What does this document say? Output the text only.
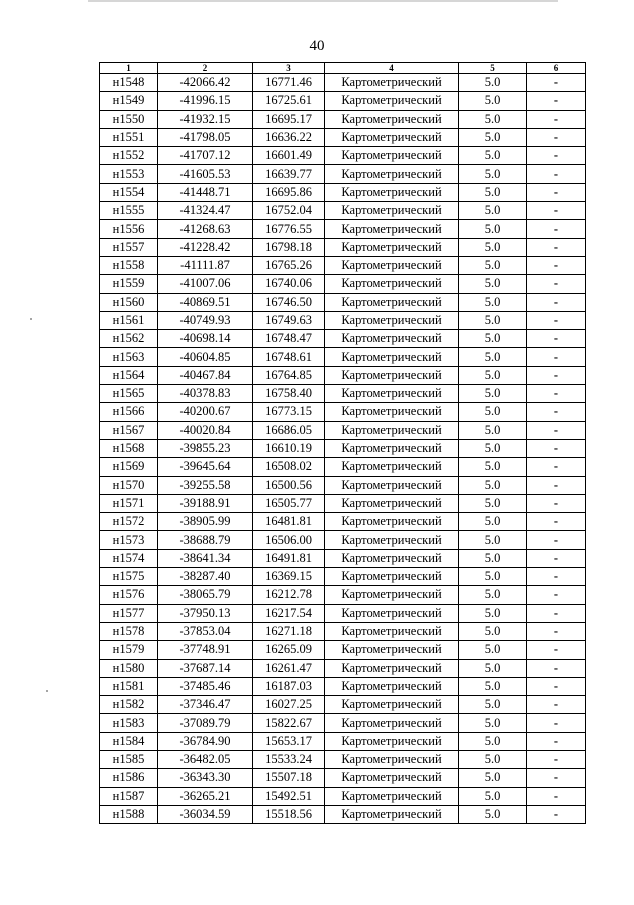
40
1	2	3	4	5	6
н1548	-42066.42	16771.46	Картометрический	5.0	-
н1549	-41996.15	16725.61	Картометрический	5.0	-
н1550	-41932.15	16695.17	Картометрический	5.0	-
н1551	-41798.05	16636.22	Картометрический	5.0	-
н1552	-41707.12	16601.49	Картометрический	5.0	-
н1553	-41605.53	16639.77	Картометрический	5.0	-
н1554	-41448.71	16695.86	Картометрический	5.0	-
н1555	-41324.47	16752.04	Картометрический	5.0	-
н1556	-41268.63	16776.55	Картометрический	5.0	-
н1557	-41228.42	16798.18	Картометрический	5.0	-
н1558	-41111.87	16765.26	Картометрический	5.0	-
н1559	-41007.06	16740.06	Картометрический	5.0	-
н1560	-40869.51	16746.50	Картометрический	5.0	-
н1561	-40749.93	16749.63	Картометрический	5.0	-
н1562	-40698.14	16748.47	Картометрический	5.0	-
н1563	-40604.85	16748.61	Картометрический	5.0	-
н1564	-40467.84	16764.85	Картометрический	5.0	-
н1565	-40378.83	16758.40	Картометрический	5.0	-
н1566	-40200.67	16773.15	Картометрический	5.0	-
н1567	-40020.84	16686.05	Картометрический	5.0	-
н1568	-39855.23	16610.19	Картометрический	5.0	-
н1569	-39645.64	16508.02	Картометрический	5.0	-
н1570	-39255.58	16500.56	Картометрический	5.0	-
н1571	-39188.91	16505.77	Картометрический	5.0	-
н1572	-38905.99	16481.81	Картометрический	5.0	-
н1573	-38688.79	16506.00	Картометрический	5.0	-
н1574	-38641.34	16491.81	Картометрический	5.0	-
н1575	-38287.40	16369.15	Картометрический	5.0	-
н1576	-38065.79	16212.78	Картометрический	5.0	-
н1577	-37950.13	16217.54	Картометрический	5.0	-
н1578	-37853.04	16271.18	Картометрический	5.0	-
н1579	-37748.91	16265.09	Картометрический	5.0	-
н1580	-37687.14	16261.47	Картометрический	5.0	-
н1581	-37485.46	16187.03	Картометрический	5.0	-
н1582	-37346.47	16027.25	Картометрический	5.0	-
н1583	-37089.79	15822.67	Картометрический	5.0	-
н1584	-36784.90	15653.17	Картометрический	5.0	-
н1585	-36482.05	15533.24	Картометрический	5.0	-
н1586	-36343.30	15507.18	Картометрический	5.0	-
н1587	-36265.21	15492.51	Картометрический	5.0	-
н1588	-36034.59	15518.56	Картометрический	5.0	-
